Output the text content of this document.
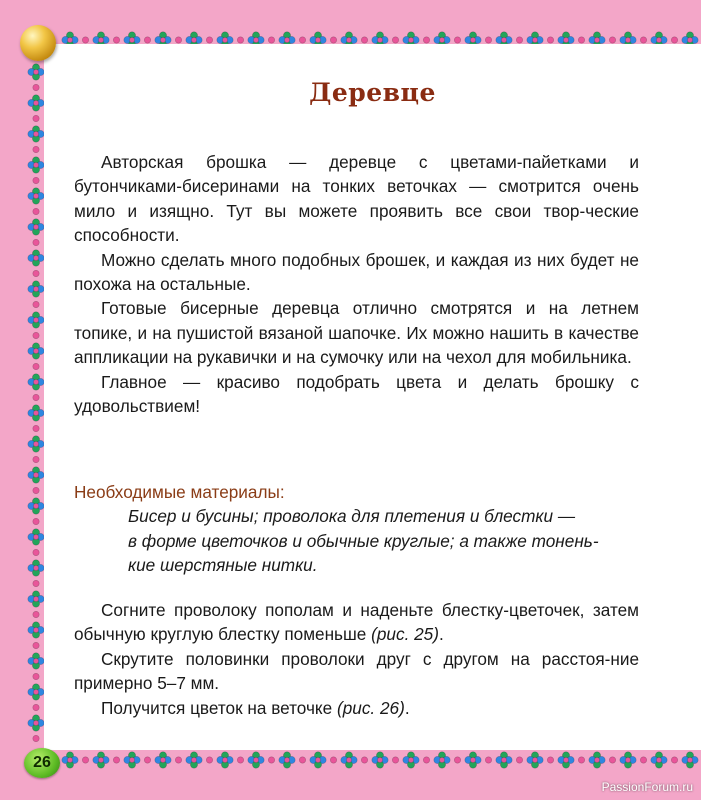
Деревце

Авторская брошка — деревце с цветами-пайетками и бутончиками-бисеринами на тонких веточках — смотрится очень мило и изящно. Тут вы можете проявить все свои твор-ческие способности.

Можно сделать много подобных брошек, и каждая из них будет не похожа на остальные.

Готовые бисерные деревца отлично смотрятся и на летнем топике, и на пушистой вязаной шапочке. Их можно нашить в качестве аппликации на рукавички и на сумочку или на чехол для мобильника.

Главное — красиво подобрать цвета и делать брошку с удовольствием!

Необходимые материалы:

Бисер и бусины; проволока для плетения и блестки —
в форме цветочков и обычные круглые; а также тонень-
кие шерстяные нитки.

Согните проволоку пополам и наденьте блестку-цветочек, затем обычную круглую блестку поменьше (рис. 25).

Скрутите половинки проволоки друг с другом на расстоя-ние примерно 5–7 мм.

Получится цветок на веточке (рис. 26).

26
PassionForum.ru
